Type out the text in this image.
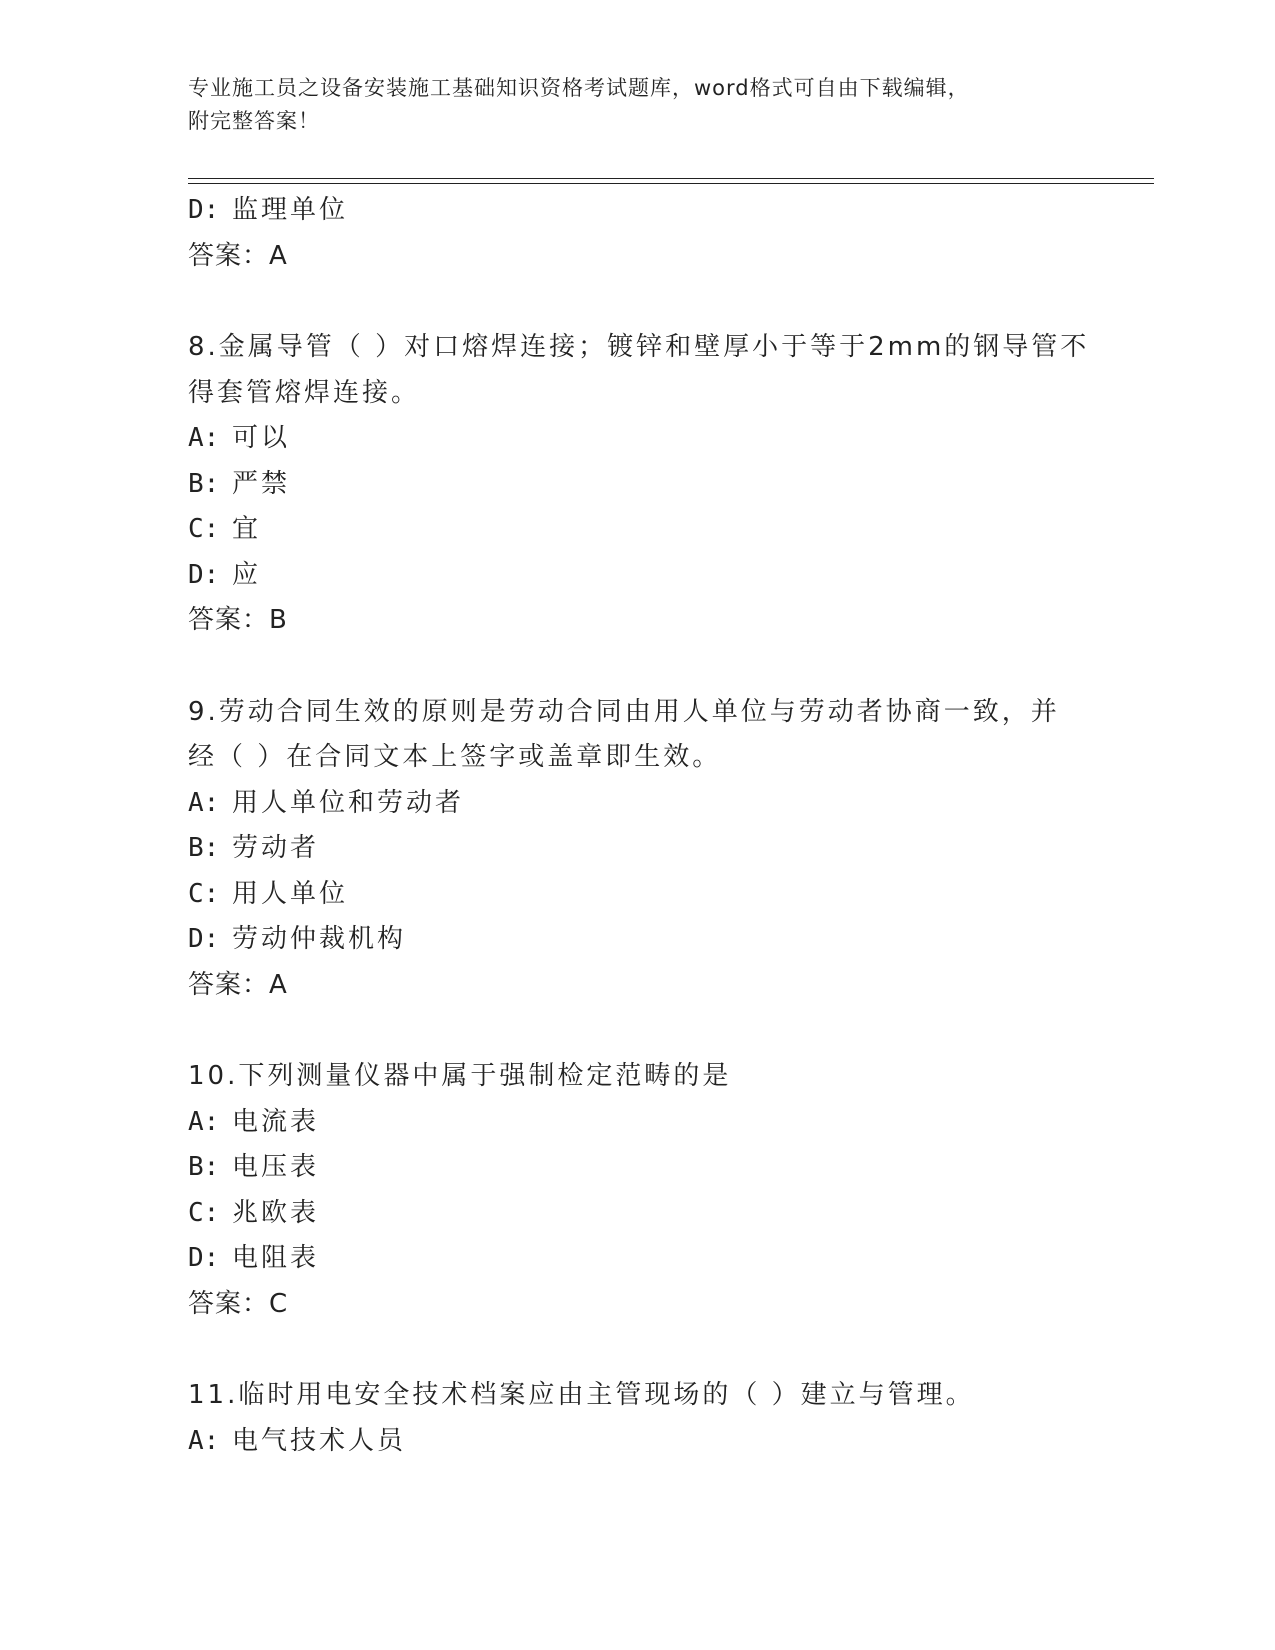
专业施工员之设备安装施工基础知识资格考试题库，word格式可自由下载编辑，
附完整答案！
D: 监理单位
答案：A
8.金属导管（ ）对口熔焊连接；镀锌和壁厚小于等于2mm的钢导管不
得套管熔焊连接。
A: 可以
B: 严禁
C: 宜
D: 应
答案：B
9.劳动合同生效的原则是劳动合同由用人单位与劳动者协商一致，并
经（ ）在合同文本上签字或盖章即生效。
A: 用人单位和劳动者
B: 劳动者
C: 用人单位
D: 劳动仲裁机构
答案：A
10.下列测量仪器中属于强制检定范畴的是
A: 电流表
B: 电压表
C: 兆欧表
D: 电阻表
答案：C
11.临时用电安全技术档案应由主管现场的（ ）建立与管理。
A: 电气技术人员
